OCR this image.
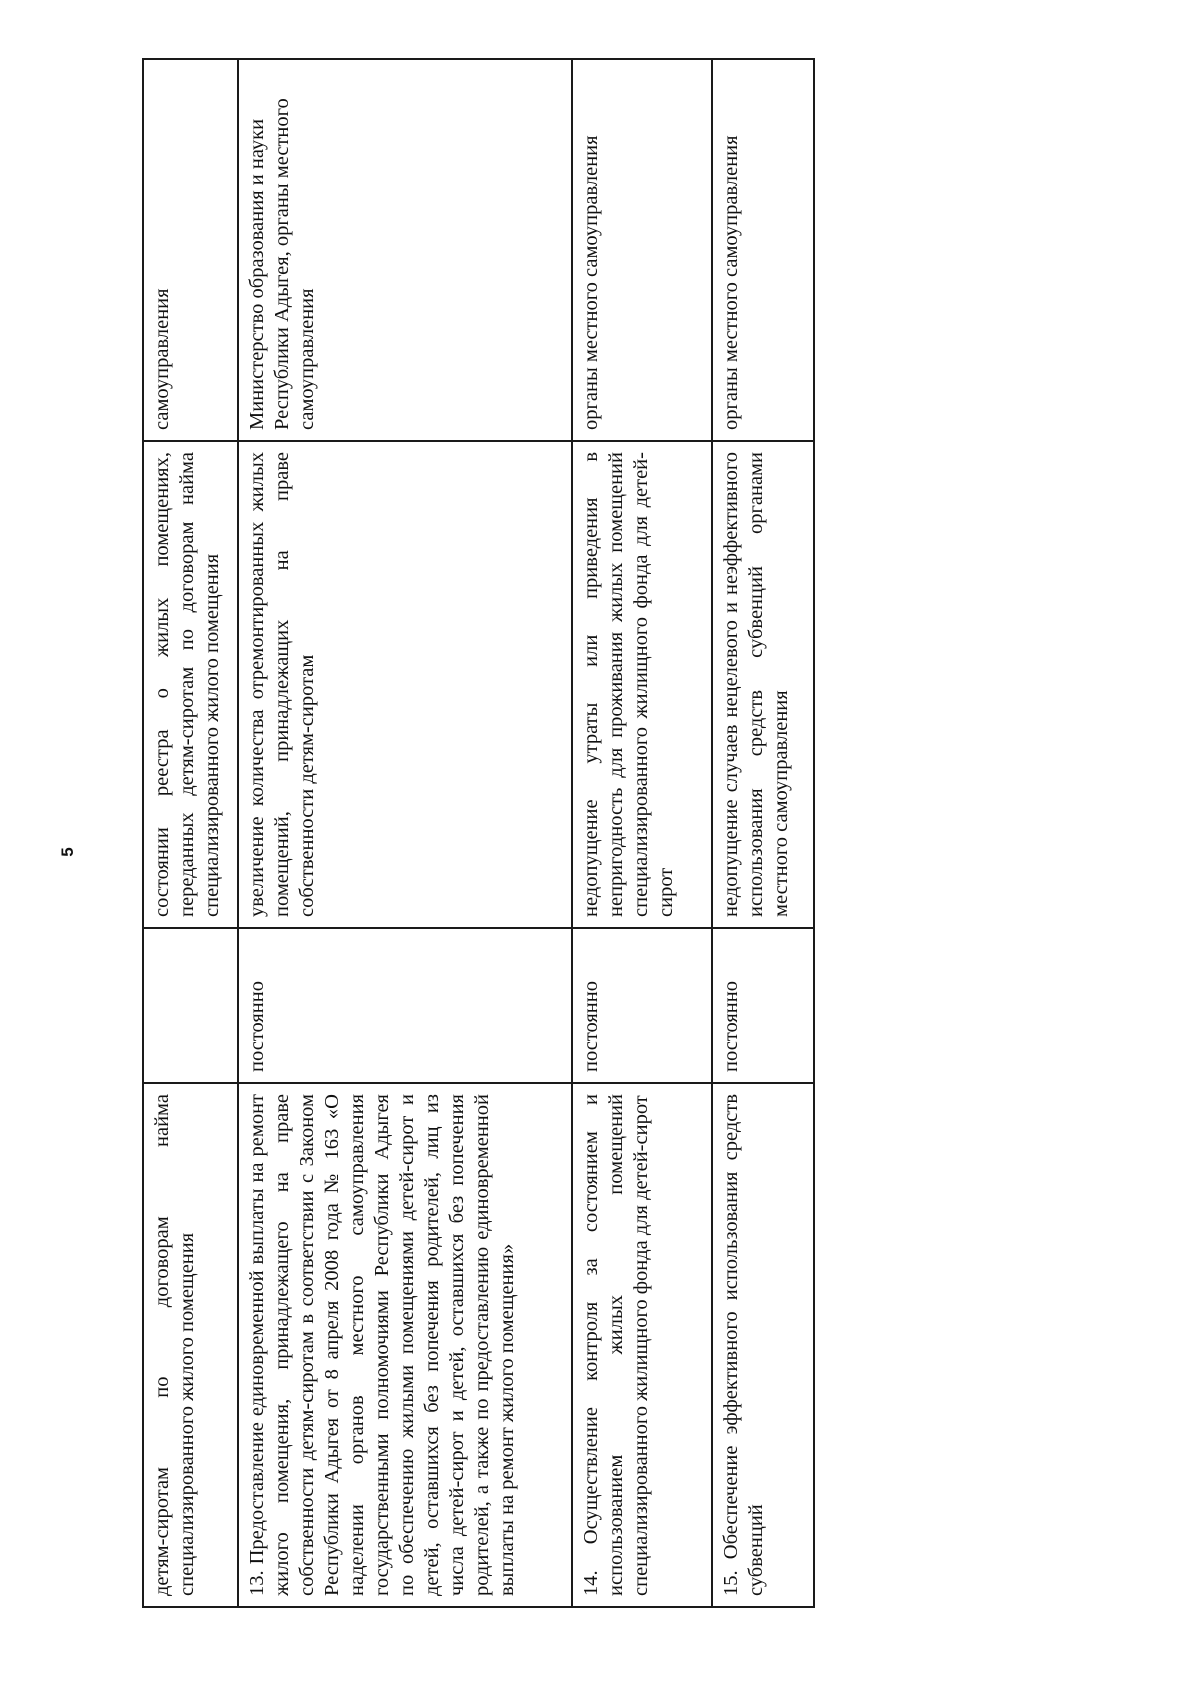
5
детям-сиротам по договорам найма специализированного жилого помещения		состоянии реестра о жилых помещениях, переданных детям-сиротам по договорам найма специализированного жилого помещения	самоуправления
13. Предоставление единовременной выплаты на ремонт жилого помещения, принадлежащего на праве собственности детям-сиротам в соответствии с Законом Республики Адыгея от 8 апреля 2008 года № 163 «О наделении органов местного самоуправления государственными полномочиями Республики Адыгея по обеспечению жилыми помещениями детей-сирот и детей, оставшихся без попечения родителей, лиц из числа детей-сирот и детей, оставшихся без попечения родителей, а также по предоставлению единовременной выплаты на ремонт жилого помещения»	постоянно	увеличение количества отремонтированных жилых помещений, принадлежащих на праве собственности детям-сиротам	Министерство образования и науки Республики Адыгея, органы местного самоуправления
14. Осуществление контроля за состоянием и использованием жилых помещений специализированного жилищного фонда для детей-сирот	постоянно	недопущение утраты или приведения в непригодность для проживания жилых помещений специализированного жилищного фонда для детей-сирот	органы местного самоуправления
15. Обеспечение эффективного использования средств субвенций	постоянно	недопущение случаев нецелевого и неэффективного использования средств субвенций органами местного самоуправления	органы местного самоуправления
